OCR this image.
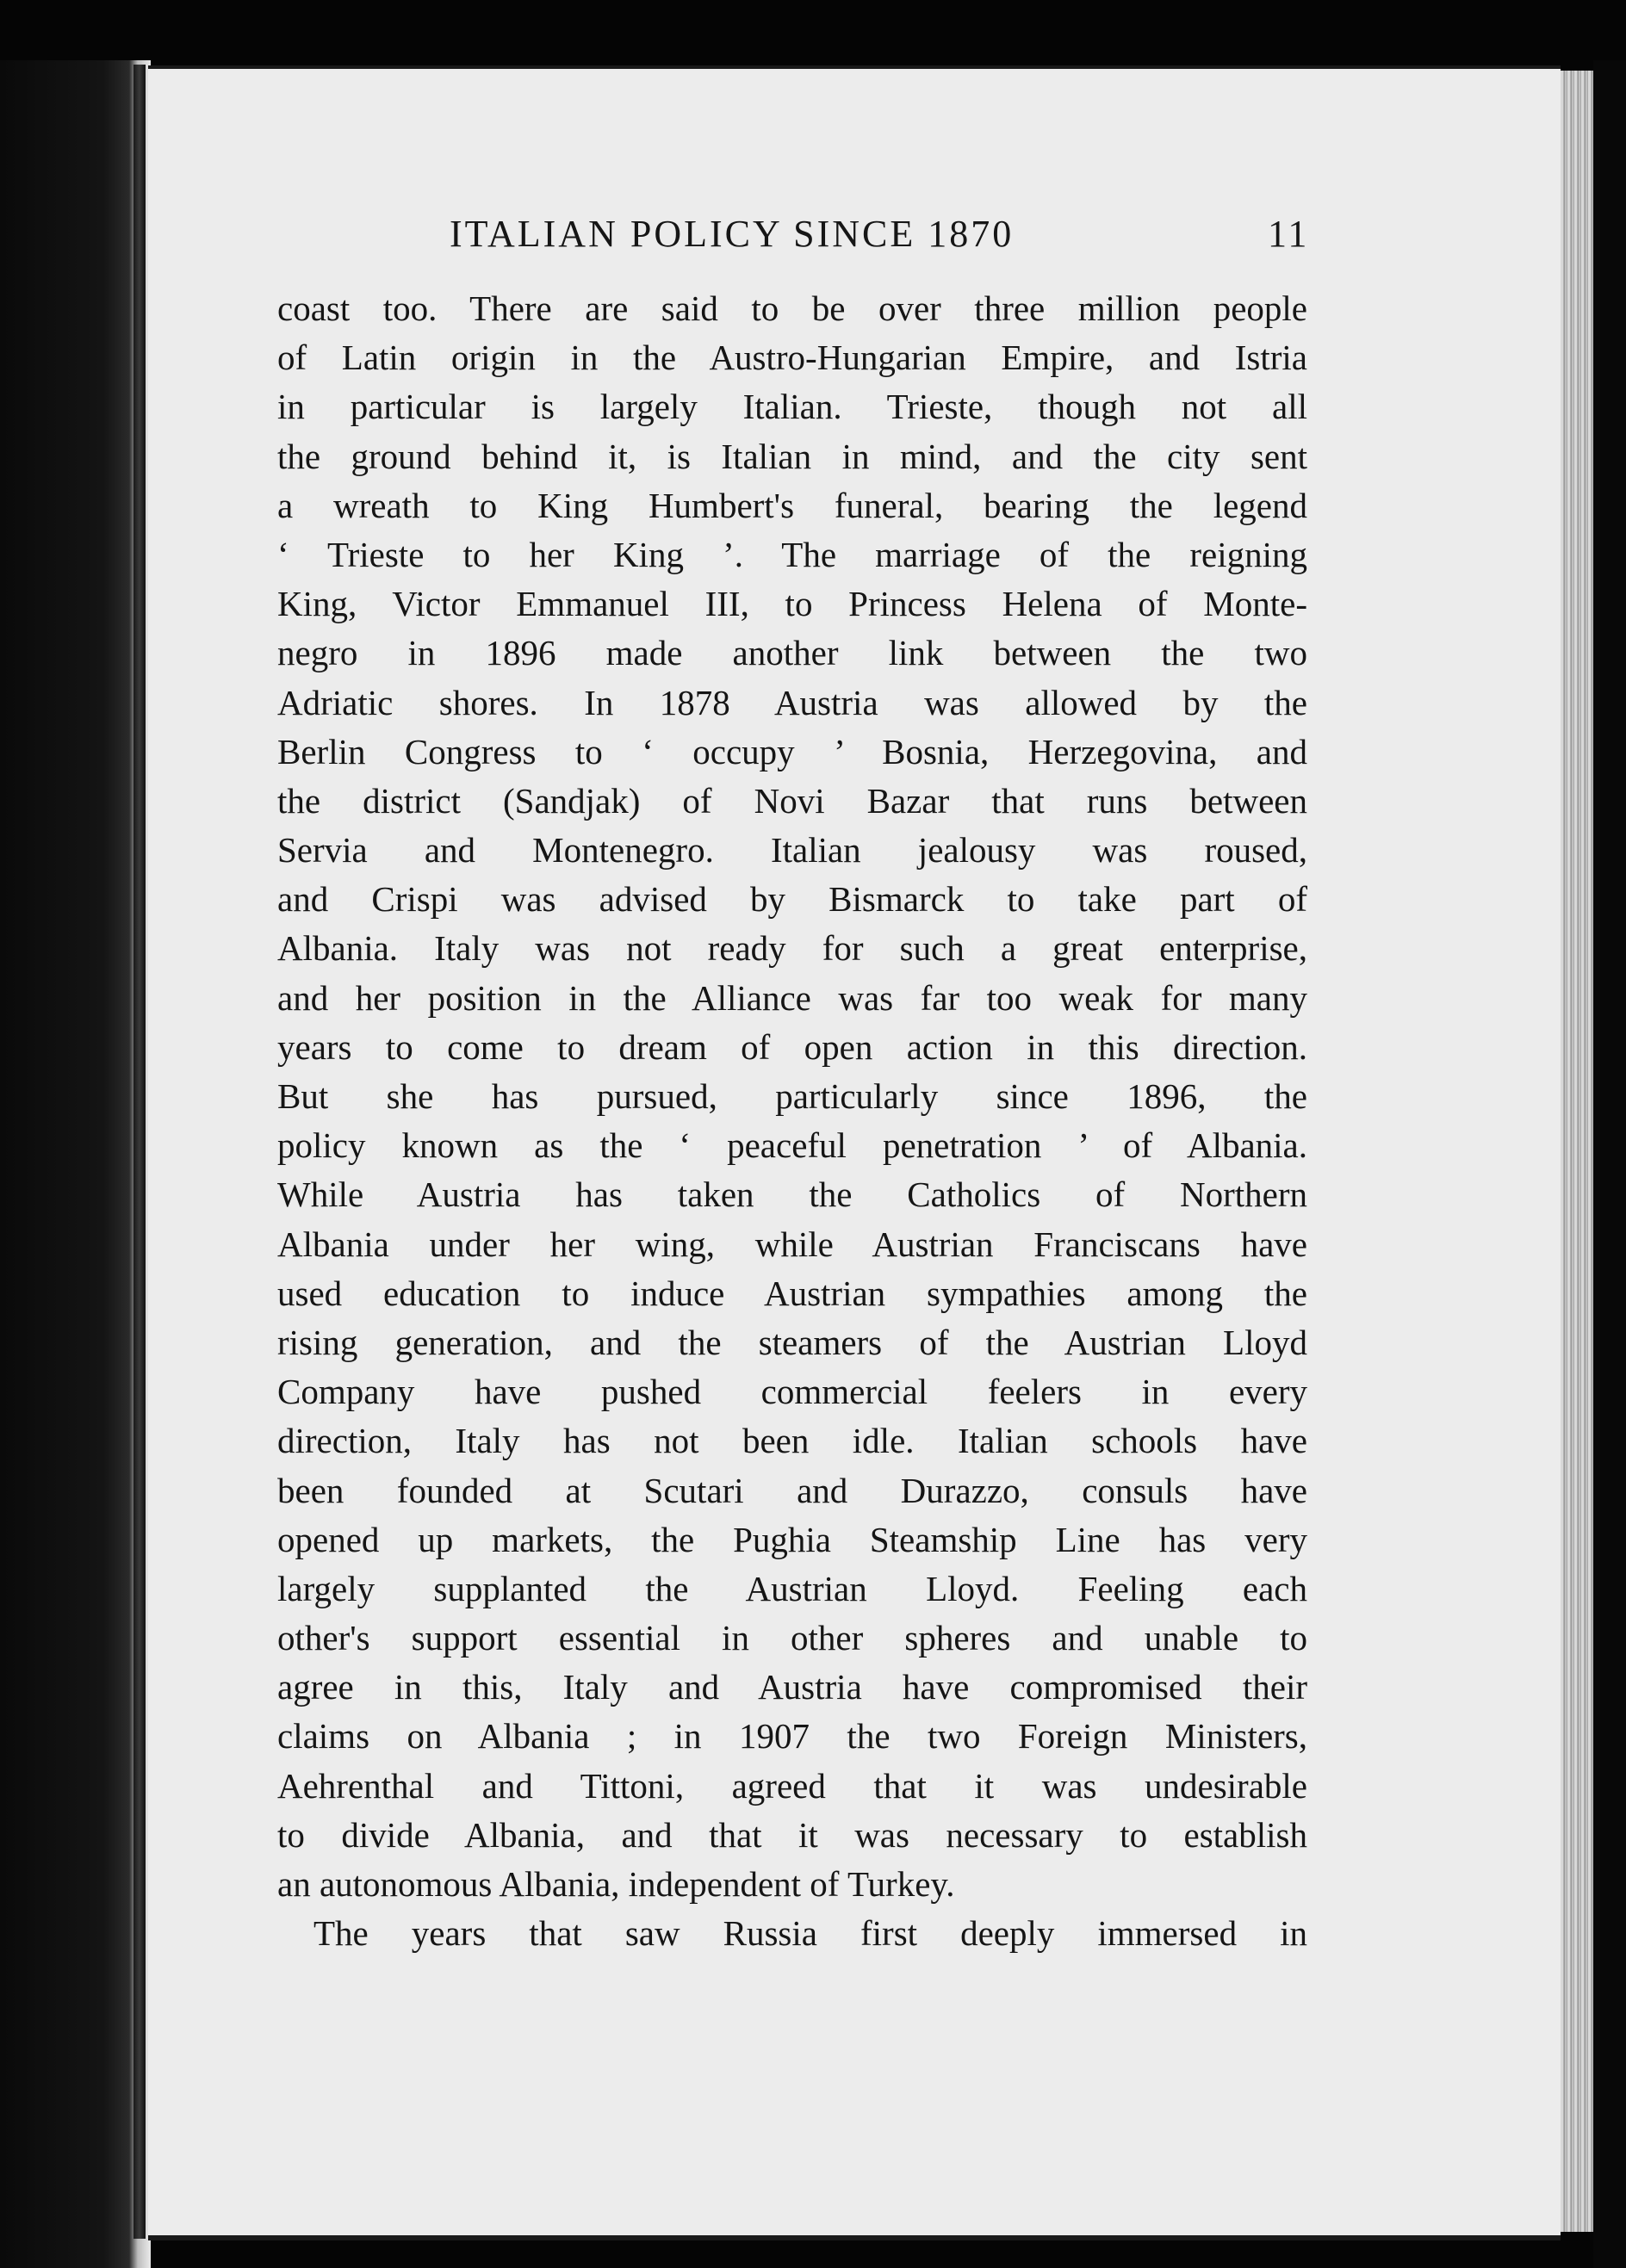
ITALIAN POLICY SINCE 1870	11
coast too. There are said to be over three million people
of Latin origin in the Austro-Hungarian Empire, and Istria
in particular is largely Italian. Trieste, though not all
the ground behind it, is Italian in mind, and the city sent
a wreath to King Humbert's funeral, bearing the legend
‘ Trieste to her King ’. The marriage of the reigning
King, Victor Emmanuel III, to Princess Helena of Monte-
negro in 1896 made another link between the two
Adriatic shores. In 1878 Austria was allowed by the
Berlin Congress to ‘ occupy ’ Bosnia, Herzegovina, and
the district (Sandjak) of Novi Bazar that runs between
Servia and Montenegro. Italian jealousy was roused,
and Crispi was advised by Bismarck to take part of
Albania. Italy was not ready for such a great enterprise,
and her position in the Alliance was far too weak for many
years to come to dream of open action in this direction.
But she has pursued, particularly since 1896, the
policy known as the ‘ peaceful penetration ’ of Albania.
While Austria has taken the Catholics of Northern
Albania under her wing, while Austrian Franciscans have
used education to induce Austrian sympathies among the
rising generation, and the steamers of the Austrian Lloyd
Company have pushed commercial feelers in every
direction, Italy has not been idle. Italian schools have
been founded at Scutari and Durazzo, consuls have
opened up markets, the Pughia Steamship Line has very
largely supplanted the Austrian Lloyd. Feeling each
other's support essential in other spheres and unable to
agree in this, Italy and Austria have compromised their
claims on Albania ; in 1907 the two Foreign Ministers,
Aehrenthal and Tittoni, agreed that it was undesirable
to divide Albania, and that it was necessary to establish
an autonomous Albania, independent of Turkey.
The years that saw Russia first deeply immersed in
